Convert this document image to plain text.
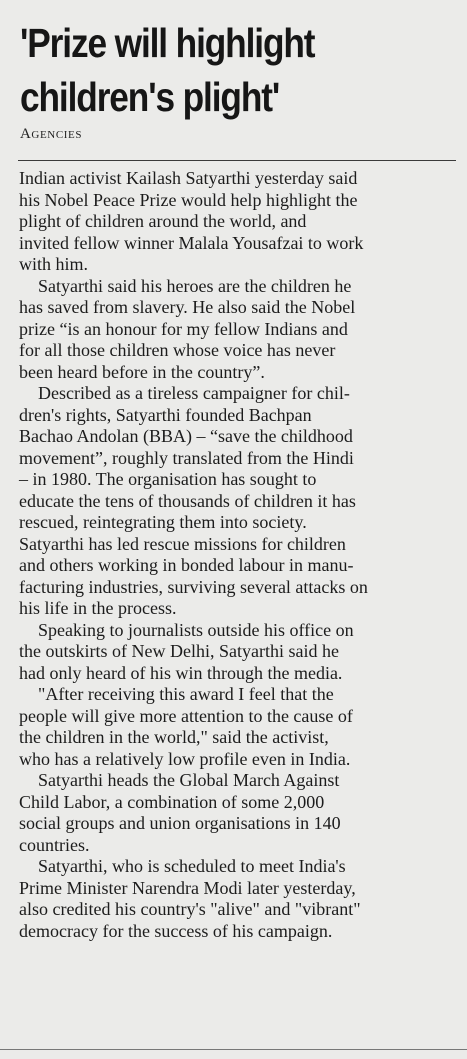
'Prize will highlight
children's plight'
Agencies
Indian activist Kailash Satyarthi yesterday said
his Nobel Peace Prize would help highlight the
plight of children around the world, and
invited fellow winner Malala Yousafzai to work
with him.
Satyarthi said his heroes are the children he
has saved from slavery. He also said the Nobel
prize “is an honour for my fellow Indians and
for all those children whose voice has never
been heard before in the country”.
Described as a tireless campaigner for chil-
dren's rights, Satyarthi founded Bachpan
Bachao Andolan (BBA) – “save the childhood
movement”, roughly translated from the Hindi
– in 1980. The organisation has sought to
educate the tens of thousands of children it has
rescued, reintegrating them into society.
Satyarthi has led rescue missions for children
and others working in bonded labour in manu-
facturing industries, surviving several attacks on
his life in the process.
Speaking to journalists outside his office on
the outskirts of New Delhi, Satyarthi said he
had only heard of his win through the media.
"After receiving this award I feel that the
people will give more attention to the cause of
the children in the world," said the activist,
who has a relatively low profile even in India.
Satyarthi heads the Global March Against
Child Labor, a combination of some 2,000
social groups and union organisations in 140
countries.
Satyarthi, who is scheduled to meet India's
Prime Minister Narendra Modi later yesterday,
also credited his country's "alive" and "vibrant"
democracy for the success of his campaign.
